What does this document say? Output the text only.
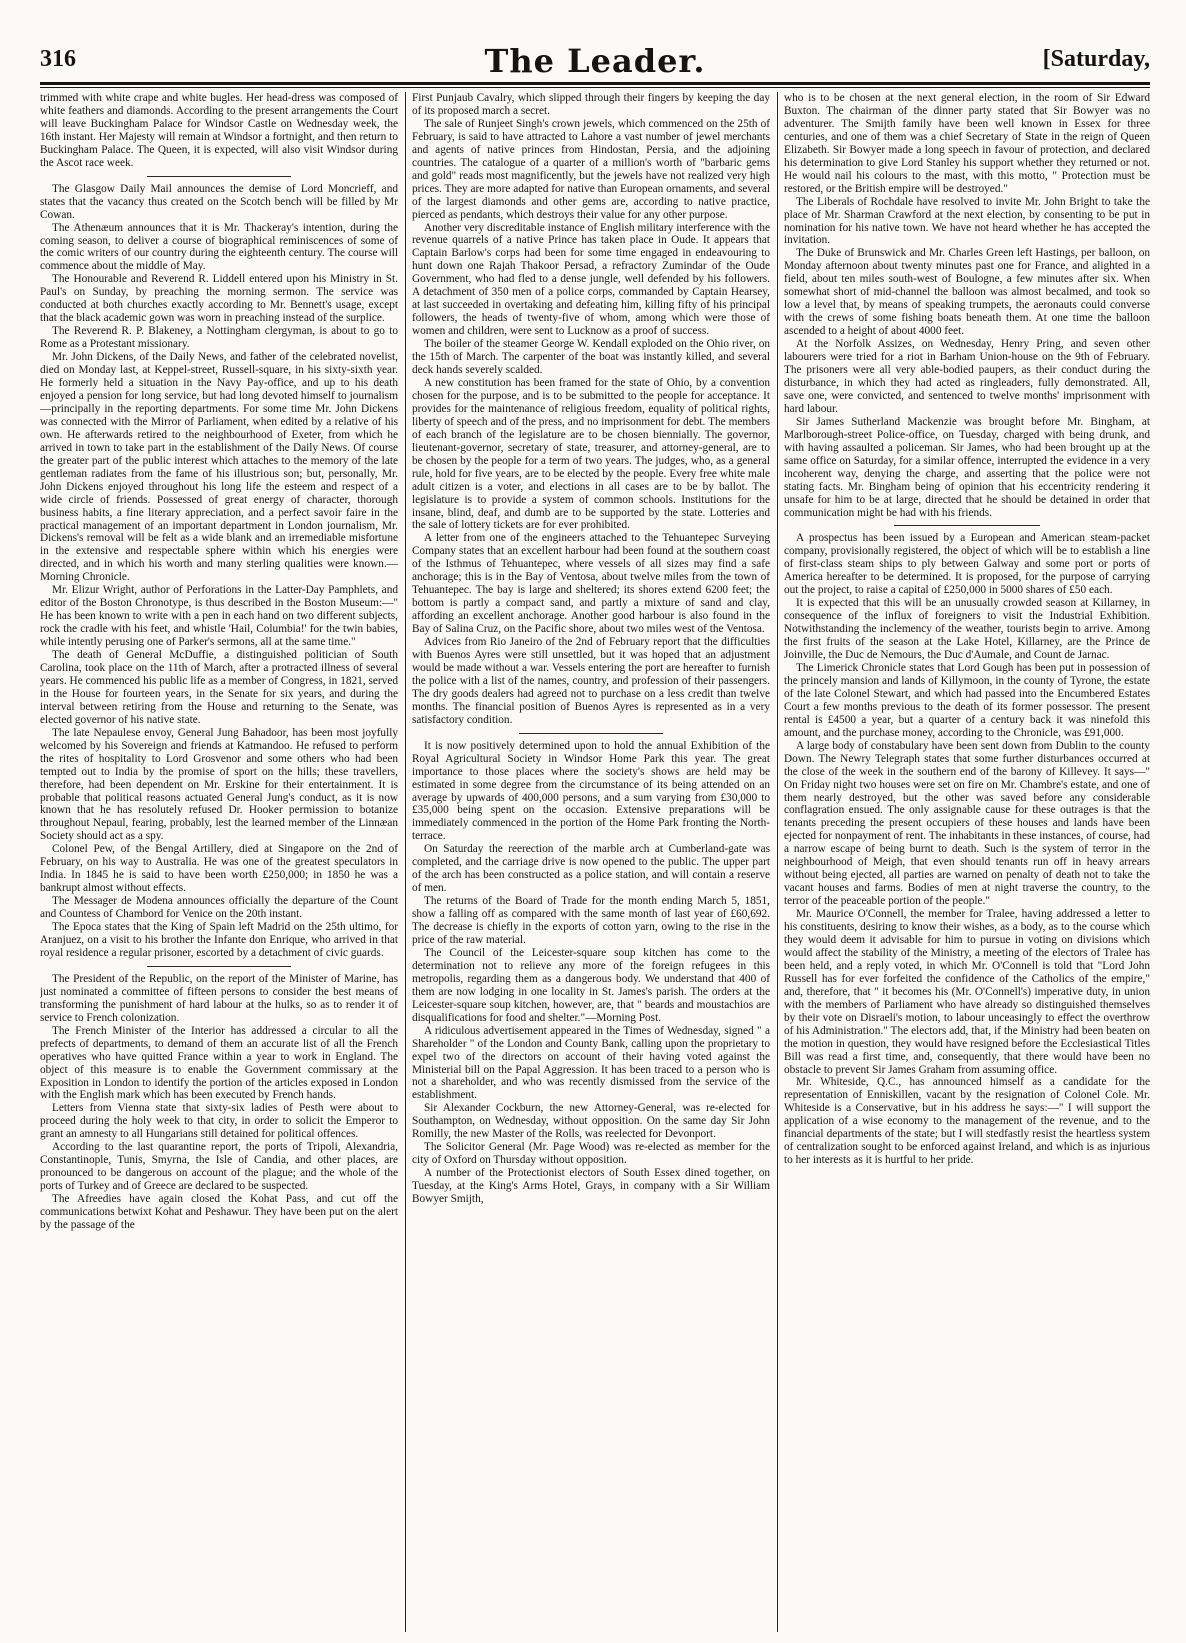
316	The Leader.	[Saturday,

trimmed with white crape and white bugles. Her head-dress was composed of white feathers and diamonds. According to the present arrangements the Court will leave Buckingham Palace for Windsor Castle on Wednesday week, the 16th instant. Her Majesty will remain at Windsor a fortnight, and then return to Buckingham Palace. The Queen, it is expected, will also visit Windsor during the Ascot race week.

The Glasgow Daily Mail announces the demise of Lord Moncrieff, and states that the vacancy thus created on the Scotch bench will be filled by Mr Cowan.

The Athenæum announces that it is Mr. Thackeray's intention, during the coming season, to deliver a course of biographical reminiscences of some of the comic writers of our country during the eighteenth century. The course will commence about the middle of May.

The Honourable and Reverend R. Liddell entered upon his Ministry in St. Paul's on Sunday, by preaching the morning sermon. The service was conducted at both churches exactly according to Mr. Bennett's usage, except that the black academic gown was worn in preaching instead of the surplice.

The Reverend R. P. Blakeney, a Nottingham clergyman, is about to go to Rome as a Protestant missionary.

Mr. John Dickens, of the Daily News, and father of the celebrated novelist, died on Monday last, at Keppel-street, Russell-square, in his sixty-sixth year. He formerly held a situation in the Navy Pay-office, and up to his death enjoyed a pension for long service, but had long devoted himself to journalism—principally in the reporting departments. For some time Mr. John Dickens was connected with the Mirror of Parliament, when edited by a relative of his own. He afterwards retired to the neighbourhood of Exeter, from which he arrived in town to take part in the establishment of the Daily News. Of course the greater part of the public interest which attaches to the memory of the late gentleman radiates from the fame of his illustrious son; but, personally, Mr. John Dickens enjoyed throughout his long life the esteem and respect of a wide circle of friends. Possessed of great energy of character, thorough business habits, a fine literary appreciation, and a perfect savoir faire in the practical management of an important department in London journalism, Mr. Dickens's removal will be felt as a wide blank and an irremediable misfortune in the extensive and respectable sphere within which his energies were directed, and in which his worth and many sterling qualities were known.—Morning Chronicle.

Mr. Elizur Wright, author of Perforations in the Latter-Day Pamphlets, and editor of the Boston Chronotype, is thus described in the Boston Museum:—" He has been known to write with a pen in each hand on two different subjects, rock the cradle with his feet, and whistle 'Hail, Columbia!' for the twin babies, while intently perusing one of Parker's sermons, all at the same time."

The death of General McDuffie, a distinguished politician of South Carolina, took place on the 11th of March, after a protracted illness of several years. He commenced his public life as a member of Congress, in 1821, served in the House for fourteen years, in the Senate for six years, and during the interval between retiring from the House and returning to the Senate, was elected governor of his native state.

The late Nepaulese envoy, General Jung Bahadoor, has been most joyfully welcomed by his Sovereign and friends at Katmandoo. He refused to perform the rites of hospitality to Lord Grosvenor and some others who had been tempted out to India by the promise of sport on the hills; these travellers, therefore, had been dependent on Mr. Erskine for their entertainment. It is probable that political reasons actuated General Jung's conduct, as it is now known that he has resolutely refused Dr. Hooker permission to botanize throughout Nepaul, fearing, probably, lest the learned member of the Linnæan Society should act as a spy.

Colonel Pew, of the Bengal Artillery, died at Singapore on the 2nd of February, on his way to Australia. He was one of the greatest speculators in India. In 1845 he is said to have been worth £250,000; in 1850 he was a bankrupt almost without effects.

The Messager de Modena announces officially the departure of the Count and Countess of Chambord for Venice on the 20th instant.

The Epoca states that the King of Spain left Madrid on the 25th ultimo, for Aranjuez, on a visit to his brother the Infante don Enrique, who arrived in that royal residence a regular prisoner, escorted by a detachment of civic guards.

The President of the Republic, on the report of the Minister of Marine, has just nominated a committee of fifteen persons to consider the best means of transforming the punishment of hard labour at the hulks, so as to render it of service to French colonization.

The French Minister of the Interior has addressed a circular to all the prefects of departments, to demand of them an accurate list of all the French operatives who have quitted France within a year to work in England. The object of this measure is to enable the Government commissary at the Exposition in London to identify the portion of the articles exposed in London with the English mark which has been executed by French hands.

Letters from Vienna state that sixty-six ladies of Pesth were about to proceed during the holy week to that city, in order to solicit the Emperor to grant an amnesty to all Hungarians still detained for political offences.

According to the last quarantine report, the ports of Tripoli, Alexandria, Constantinople, Tunis, Smyrna, the Isle of Candia, and other places, are pronounced to be dangerous on account of the plague; and the whole of the ports of Turkey and of Greece are declared to be suspected.

The Afreedies have again closed the Kohat Pass, and cut off the communications betwixt Kohat and Peshawur. They have been put on the alert by the passage of the

First Punjaub Cavalry, which slipped through their fingers by keeping the day of its proposed march a secret.

The sale of Runjeet Singh's crown jewels, which commenced on the 25th of February, is said to have attracted to Lahore a vast number of jewel merchants and agents of native princes from Hindostan, Persia, and the adjoining countries. The catalogue of a quarter of a million's worth of "barbaric gems and gold" reads most magnificently, but the jewels have not realized very high prices. They are more adapted for native than European ornaments, and several of the largest diamonds and other gems are, according to native practice, pierced as pendants, which destroys their value for any other purpose.

Another very discreditable instance of English military interference with the revenue quarrels of a native Prince has taken place in Oude. It appears that Captain Barlow's corps had been for some time engaged in endeavouring to hunt down one Rajah Thakoor Persad, a refractory Zumindar of the Oude Government, who had fled to a dense jungle, well defended by his followers. A detachment of 350 men of a police corps, commanded by Captain Hearsey, at last succeeded in overtaking and defeating him, killing fifty of his principal followers, the heads of twenty-five of whom, among which were those of women and children, were sent to Lucknow as a proof of success.

The boiler of the steamer George W. Kendall exploded on the Ohio river, on the 15th of March. The carpenter of the boat was instantly killed, and several deck hands severely scalded.

A new constitution has been framed for the state of Ohio, by a convention chosen for the purpose, and is to be submitted to the people for acceptance. It provides for the maintenance of religious freedom, equality of political rights, liberty of speech and of the press, and no imprisonment for debt. The members of each branch of the legislature are to be chosen biennially. The governor, lieutenant-governor, secretary of state, treasurer, and attorney-general, are to be chosen by the people for a term of two years. The judges, who, as a general rule, hold for five years, are to be elected by the people. Every free white male adult citizen is a voter, and elections in all cases are to be by ballot. The legislature is to provide a system of common schools. Institutions for the insane, blind, deaf, and dumb are to be supported by the state. Lotteries and the sale of lottery tickets are for ever prohibited.

A letter from one of the engineers attached to the Tehuantepec Surveying Company states that an excellent harbour had been found at the southern coast of the Isthmus of Tehuantepec, where vessels of all sizes may find a safe anchorage; this is in the Bay of Ventosa, about twelve miles from the town of Tehuantepec. The bay is large and sheltered; its shores extend 6200 feet; the bottom is partly a compact sand, and partly a mixture of sand and clay, affording an excellent anchorage. Another good harbour is also found in the Bay of Salina Cruz, on the Pacific shore, about two miles west of the Ventosa.

Advices from Rio Janeiro of the 2nd of February report that the difficulties with Buenos Ayres were still unsettled, but it was hoped that an adjustment would be made without a war. Vessels entering the port are hereafter to furnish the police with a list of the names, country, and profession of their passengers. The dry goods dealers had agreed not to purchase on a less credit than twelve months. The financial position of Buenos Ayres is represented as in a very satisfactory condition.

It is now positively determined upon to hold the annual Exhibition of the Royal Agricultural Society in Windsor Home Park this year. The great importance to those places where the society's shows are held may be estimated in some degree from the circumstance of its being attended on an average by upwards of 400,000 persons, and a sum varying from £30,000 to £35,000 being spent on the occasion. Extensive preparations will be immediately commenced in the portion of the Home Park fronting the North-terrace.

On Saturday the reerection of the marble arch at Cumberland-gate was completed, and the carriage drive is now opened to the public. The upper part of the arch has been constructed as a police station, and will contain a reserve of men.

The returns of the Board of Trade for the month ending March 5, 1851, show a falling off as compared with the same month of last year of £60,692. The decrease is chiefly in the exports of cotton yarn, owing to the rise in the price of the raw material.

The Council of the Leicester-square soup kitchen has come to the determination not to relieve any more of the foreign refugees in this metropolis, regarding them as a dangerous body. We understand that 400 of them are now lodging in one locality in St. James's parish. The orders at the Leicester-square soup kitchen, however, are, that " beards and moustachios are disqualifications for food and shelter."—Morning Post.

A ridiculous advertisement appeared in the Times of Wednesday, signed " a Shareholder " of the London and County Bank, calling upon the proprietary to expel two of the directors on account of their having voted against the Ministerial bill on the Papal Aggression. It has been traced to a person who is not a shareholder, and who was recently dismissed from the service of the establishment.

Sir Alexander Cockburn, the new Attorney-General, was re-elected for Southampton, on Wednesday, without opposition. On the same day Sir John Romilly, the new Master of the Rolls, was reelected for Devonport.

The Solicitor General (Mr. Page Wood) was re-elected as member for the city of Oxford on Thursday without opposition.

A number of the Protectionist electors of South Essex dined together, on Tuesday, at the King's Arms Hotel, Grays, in company with a Sir William Bowyer Smijth,

who is to be chosen at the next general election, in the room of Sir Edward Buxton. The chairman of the dinner party stated that Sir Bowyer was no adventurer. The Smijth family have been well known in Essex for three centuries, and one of them was a chief Secretary of State in the reign of Queen Elizabeth. Sir Bowyer made a long speech in favour of protection, and declared his determination to give Lord Stanley his support whether they returned or not. He would nail his colours to the mast, with this motto, " Protection must be restored, or the British empire will be destroyed."

The Liberals of Rochdale have resolved to invite Mr. John Bright to take the place of Mr. Sharman Crawford at the next election, by consenting to be put in nomination for his native town. We have not heard whether he has accepted the invitation.

The Duke of Brunswick and Mr. Charles Green left Hastings, per balloon, on Monday afternoon about twenty minutes past one for France, and alighted in a field, about ten miles south-west of Boulogne, a few minutes after six. When somewhat short of mid-channel the balloon was almost becalmed, and took so low a level that, by means of speaking trumpets, the aeronauts could converse with the crews of some fishing boats beneath them. At one time the balloon ascended to a height of about 4000 feet.

At the Norfolk Assizes, on Wednesday, Henry Pring, and seven other labourers were tried for a riot in Barham Union-house on the 9th of February. The prisoners were all very able-bodied paupers, as their conduct during the disturbance, in which they had acted as ringleaders, fully demonstrated. All, save one, were convicted, and sentenced to twelve months' imprisonment with hard labour.

Sir James Sutherland Mackenzie was brought before Mr. Bingham, at Marlborough-street Police-office, on Tuesday, charged with being drunk, and with having assaulted a policeman. Sir James, who had been brought up at the same office on Saturday, for a similar offence, interrupted the evidence in a very incoherent way, denying the charge, and asserting that the police were not stating facts. Mr. Bingham being of opinion that his eccentricity rendering it unsafe for him to be at large, directed that he should be detained in order that communication might be had with his friends.

A prospectus has been issued by a European and American steam-packet company, provisionally registered, the object of which will be to establish a line of first-class steam ships to ply between Galway and some port or ports of America hereafter to be determined. It is proposed, for the purpose of carrying out the project, to raise a capital of £250,000 in 5000 shares of £50 each.

It is expected that this will be an unusually crowded season at Killarney, in consequence of the influx of foreigners to visit the Industrial Exhibition. Notwithstanding the inclemency of the weather, tourists begin to arrive. Among the first fruits of the season at the Lake Hotel, Killarney, are the Prince de Joinville, the Duc de Nemours, the Duc d'Aumale, and Count de Jarnac.

The Limerick Chronicle states that Lord Gough has been put in possession of the princely mansion and lands of Killymoon, in the county of Tyrone, the estate of the late Colonel Stewart, and which had passed into the Encumbered Estates Court a few months previous to the death of its former possessor. The present rental is £4500 a year, but a quarter of a century back it was ninefold this amount, and the purchase money, according to the Chronicle, was £91,000.

A large body of constabulary have been sent down from Dublin to the county Down. The Newry Telegraph states that some further disturbances occurred at the close of the week in the southern end of the barony of Killevey. It says—" On Friday night two houses were set on fire on Mr. Chambre's estate, and one of them nearly destroyed, but the other was saved before any considerable conflagration ensued. The only assignable cause for these outrages is that the tenants preceding the present occupiers of these houses and lands have been ejected for nonpayment of rent. The inhabitants in these instances, of course, had a narrow escape of being burnt to death. Such is the system of terror in the neighbourhood of Meigh, that even should tenants run off in heavy arrears without being ejected, all parties are warned on penalty of death not to take the vacant houses and farms. Bodies of men at night traverse the country, to the terror of the peaceable portion of the people."

Mr. Maurice O'Connell, the member for Tralee, having addressed a letter to his constituents, desiring to know their wishes, as a body, as to the course which they would deem it advisable for him to pursue in voting on divisions which would affect the stability of the Ministry, a meeting of the electors of Tralee has been held, and a reply voted, in which Mr. O'Connell is told that "Lord John Russell has for ever forfeited the confidence of the Catholics of the empire," and, therefore, that " it becomes his (Mr. O'Connell's) imperative duty, in union with the members of Parliament who have already so distinguished themselves by their vote on Disraeli's motion, to labour unceasingly to effect the overthrow of his Administration." The electors add, that, if the Ministry had been beaten on the motion in question, they would have resigned before the Ecclesiastical Titles Bill was read a first time, and, consequently, that there would have been no obstacle to prevent Sir James Graham from assuming office.

Mr. Whiteside, Q.C., has announced himself as a candidate for the representation of Enniskillen, vacant by the resignation of Colonel Cole. Mr. Whiteside is a Conservative, but in his address he says:—" I will support the application of a wise economy to the management of the revenue, and to the financial departments of the state; but I will stedfastly resist the heartless system of centralization sought to be enforced against Ireland, and which is as injurious to her interests as it is hurtful to her pride.
